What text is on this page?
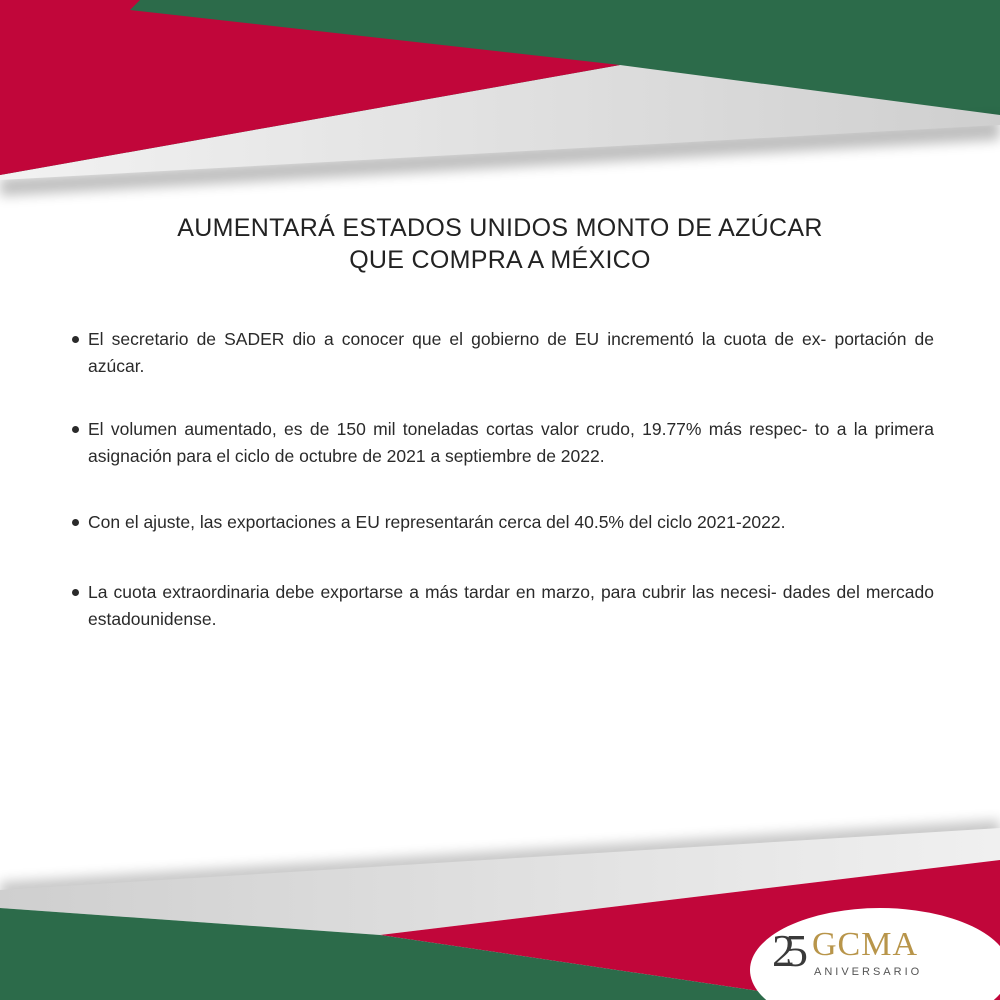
AUMENTARÁ ESTADOS UNIDOS MONTO DE AZÚCAR
QUE COMPRA A MÉXICO
El secretario de SADER dio a conocer que el gobierno de EU incrementó la cuota de ex- portación de azúcar.
El volumen aumentado, es de 150 mil toneladas cortas valor crudo, 19.77% más respec- to a la primera asignación para el ciclo de octubre de 2021 a septiembre de 2022.
Con el ajuste, las exportaciones a EU representarán cerca del 40.5% del ciclo 2021-2022.
La cuota extraordinaria debe exportarse a más tardar en marzo, para cubrir las necesi- dades del mercado estadounidense.
25 GCMA
ANIVERSARIO
